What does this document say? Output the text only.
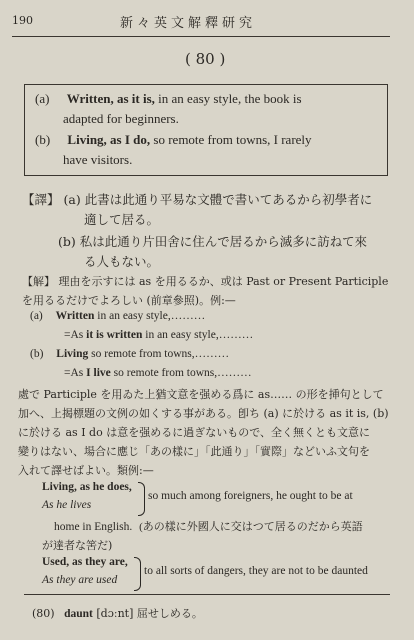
190	新々英文解釋研究
( 80 )
(a) Written, as it is, in an easy style, the book is
adapted for beginners.
(b) Living, as I do, so remote from towns, I rarely
have visitors.
【譯】 (a) 此書は此通り平易な文體で書いてあるから初學者に
適して居る。
(b) 私は此通り片田舍に住んで居るから滅多に訪ねて來
る人もない。
【解】 理由を示すには as を用るるか、或は Past or Present Participle
を用るるだけでよろしい (前章參照)。例:—
(a) Written in an easy style,………
=As it is written in an easy style,………
(b) Living so remote from towns,………
=As I live so remote from towns,………
處で Participle を用ゐた上猶文意を强める爲に as…… の形を挿句として
加へ、上揭標題の文例の如くする事がある。卽ち (a) に於ける as it is, (b)
に於ける as I do は意を强めるに過ぎないもので、全く無くとも文意に
變りはない、場合に應じ「あの樣に」「此通り」「實際」などいふ文句を
入れて譯せばよい。類例:—
Living, as he does,
As he lives
so much among foreigners, he ought to be at
home in English. (あの樣に外國人に交はつて居るのだから英語
が達者な筈だ)
Used, as they are,
As they are used
to all sorts of dangers, they are not to be daunted
(80) daunt [dɔːnt] 屈せしめる。
